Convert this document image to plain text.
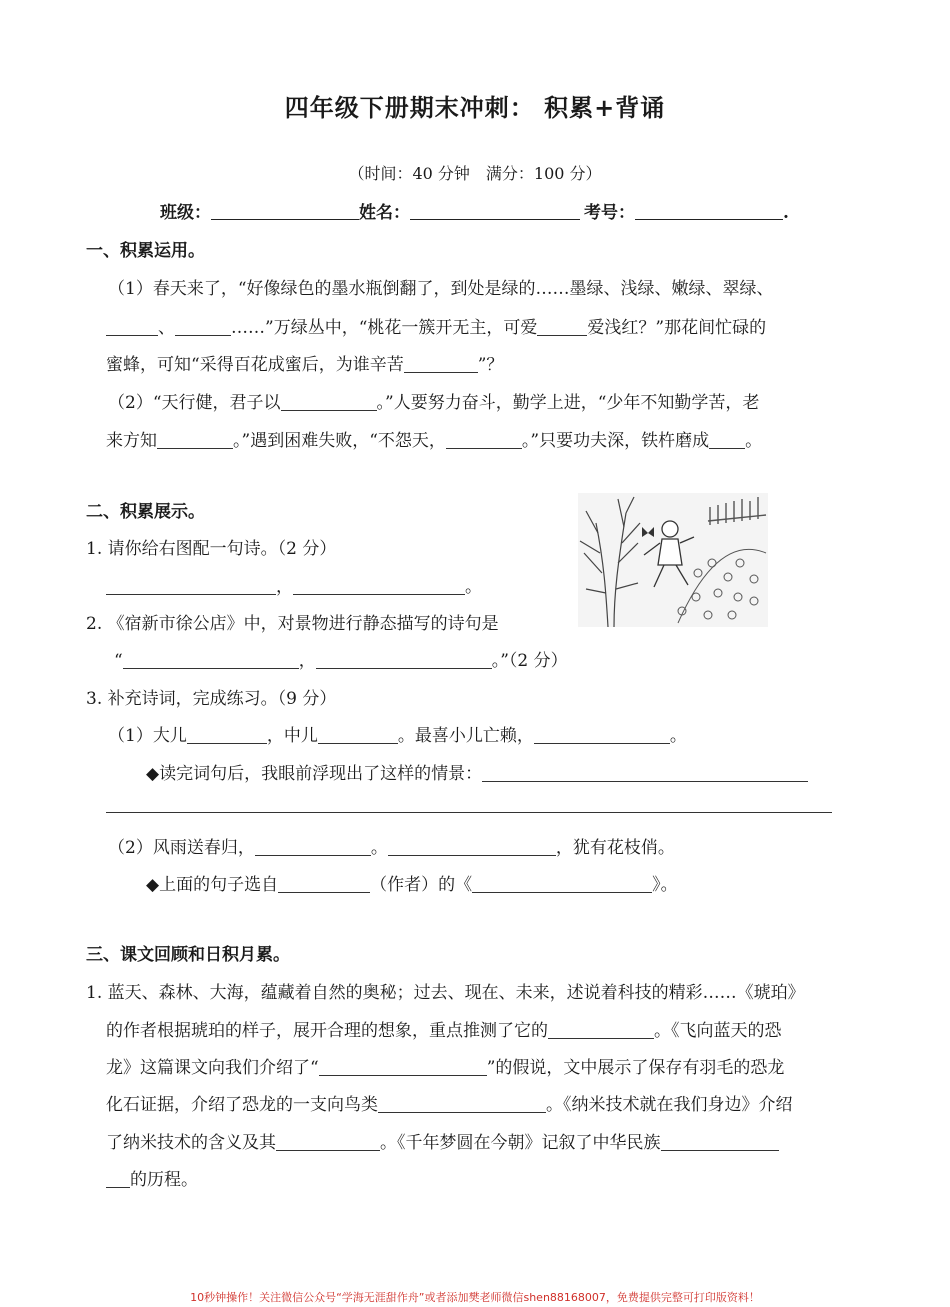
四年级下册期末冲刺： 积累+背诵
（时间：40 分钟　满分：100 分）
班级：	姓名：	考号：	.
一、积累运用。
（1）春天来了，“好像绿色的墨水瓶倒翻了，到处是绿的……墨绿、浅绿、嫩绿、翠绿、
、	……”万绿丛中，“桃花一簇开无主，可爱	爱浅红？”那花间忙碌的
蜜蜂，可知“采得百花成蜜后，为谁辛苦	”？
（2）“天行健，君子以	。”人要努力奋斗，勤学上进，“少年不知勤学苦，老
来方知	。”遇到困难失败，“不怨天，	。”只要功夫深，铁杵磨成 。
二、积累展示。
1. 请你给右图配一句诗。（2 分）
，	。
2. 《宿新市徐公店》中，对景物进行静态描写的诗句是
“	，	。”（2 分）
3. 补充诗词，完成练习。（9 分）
（1）大儿	，中儿	。最喜小儿亡赖，	。
◆读完词句后，我眼前浮现出了这样的情景：
（2）风雨送春归，	。	，犹有花枝俏。
◆上面的句子选自	（作者）的《	》。
三、课文回顾和日积月累。
1. 蓝天、森林、大海，蕴藏着自然的奥秘；过去、现在、未来，述说着科技的精彩……《琥珀》
的作者根据琥珀的样子，展开合理的想象，重点推测了它的	。《飞向蓝天的恐
龙》这篇课文向我们介绍了“	”的假说，文中展示了保存有羽毛的恐龙
化石证据，介绍了恐龙的一支向鸟类	。《纳米技术就在我们身边》介绍
了纳米技术的含义及其	。《千年梦圆在今朝》记叙了中华民族
的历程。
10秒钟操作！关注微信公众号“学海无涯甜作舟”或者添加樊老师微信shen88168007，免费提供完整可打印版资料！
